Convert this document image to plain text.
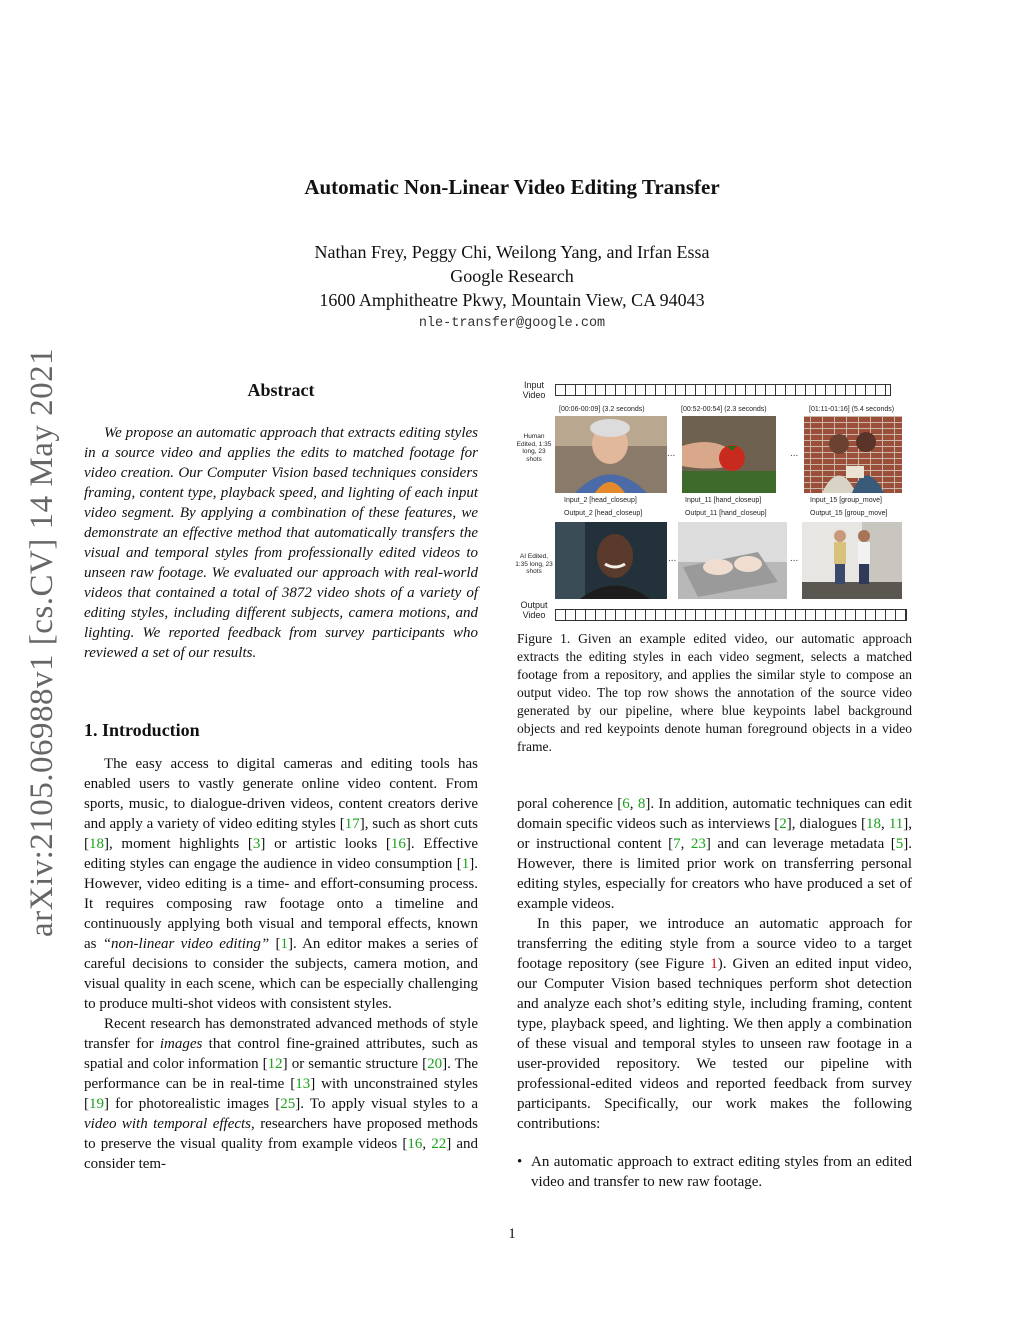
arXiv:2105.06988v1 [cs.CV] 14 May 2021
Automatic Non-Linear Video Editing Transfer
Nathan Frey, Peggy Chi, Weilong Yang, and Irfan Essa
Google Research
1600 Amphitheatre Pkwy, Mountain View, CA 94043
nle-transfer@google.com
Abstract
We propose an automatic approach that extracts editing styles in a source video and applies the edits to matched footage for video creation. Our Computer Vision based techniques considers framing, content type, playback speed, and lighting of each input video segment. By applying a combination of these features, we demonstrate an effective method that automatically transfers the visual and temporal styles from professionally edited videos to unseen raw footage. We evaluated our approach with real-world videos that contained a total of 3872 video shots of a variety of editing styles, including different subjects, camera motions, and lighting. We reported feedback from survey participants who reviewed a set of our results.
1. Introduction

The easy access to digital cameras and editing tools has enabled users to vastly generate online video content. From sports, music, to dialogue-driven videos, content creators derive and apply a variety of video editing styles [17], such as short cuts [18], moment highlights [3] or artistic looks [16]. Effective editing styles can engage the audience in video consumption [1]. However, video editing is a time- and effort-consuming process. It requires composing raw footage onto a timeline and continuously applying both visual and temporal effects, known as “non-linear video editing” [1]. An editor makes a series of careful decisions to consider the subjects, camera motion, and visual quality in each scene, which can be especially challenging to produce multi-shot videos with consistent styles.

Recent research has demonstrated advanced methods of style transfer for images that control fine-grained attributes, such as spatial and color information [12] or semantic structure [20]. The performance can be in real-time [13] with unconstrained styles [19] for photorealistic images [25]. To apply visual styles to a video with temporal effects, researchers have proposed methods to preserve the visual quality from example videos [16, 22] and consider tem-

Input Video
[00:06-00:09] (3.2 seconds)	[00:52-00:54] (2.3 seconds)	[01:11-01:16] (5.4 seconds)
Human Edited, 1:35 long, 23 shots	...	...
Input_2 [head_closeup]	Input_11 [hand_closeup]	Input_15 [group_move]
Output_2 [head_closeup]	Output_11 [hand_closeup]	Output_15 [group_move]
AI Edited, 1:35 long, 23 shots
...	...
Output Video
Figure 1. Given an example edited video, our automatic approach extracts the editing styles in each video segment, selects a matched footage from a repository, and applies the similar style to compose an output video. The top row shows the annotation of the source video generated by our pipeline, where blue keypoints label background objects and red keypoints denote human foreground objects in a video frame.

poral coherence [6, 8]. In addition, automatic techniques can edit domain specific videos such as interviews [2], dialogues [18, 11], or instructional content [7, 23] and can leverage metadata [5]. However, there is limited prior work on transferring personal editing styles, especially for creators who have produced a set of example videos.

In this paper, we introduce an automatic approach for transferring the editing style from a source video to a target footage repository (see Figure 1). Given an edited input video, our Computer Vision based techniques perform shot detection and analyze each shot’s editing style, including framing, content type, playback speed, and lighting. We then apply a combination of these visual and temporal styles to unseen raw footage in a user-provided repository. We tested our pipeline with professional-edited videos and reported feedback from survey participants. Specifically, our work makes the following contributions:

• An automatic approach to extract editing styles from an edited video and transfer to new raw footage.
1
